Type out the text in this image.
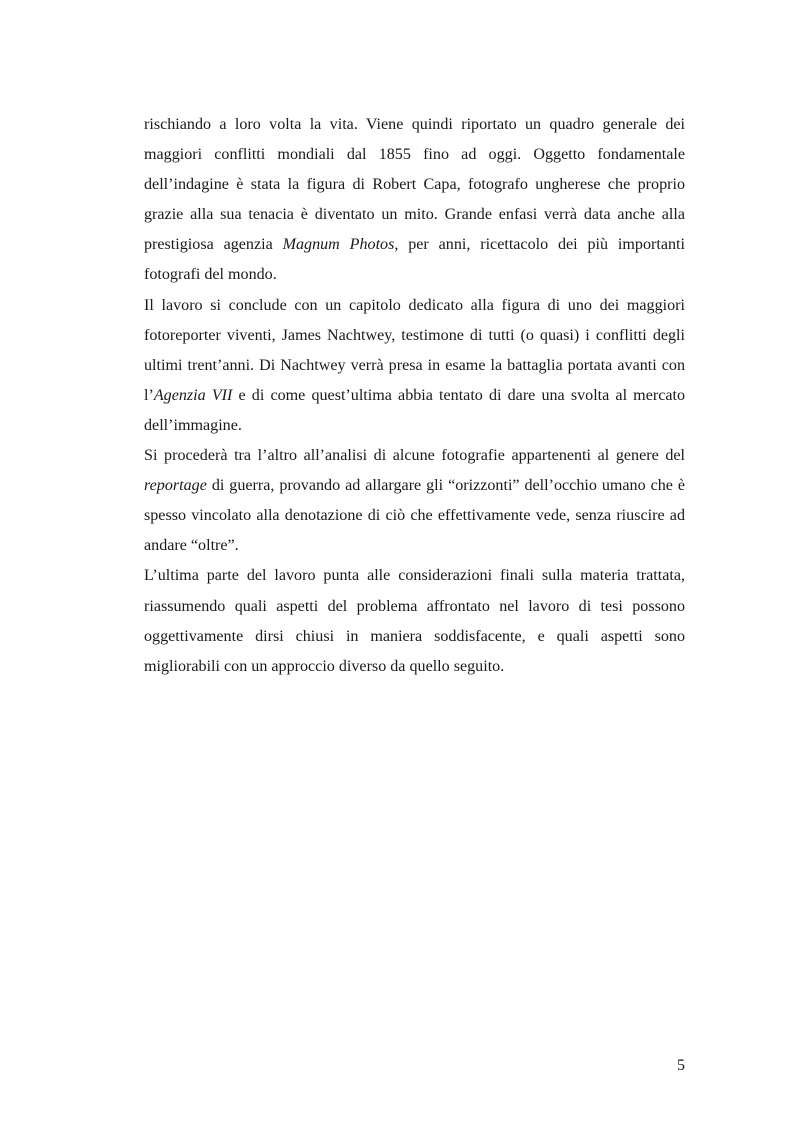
rischiando a loro volta la vita. Viene quindi riportato un quadro generale dei maggiori conflitti mondiali dal 1855 fino ad oggi. Oggetto fondamentale dell’indagine è stata la figura di Robert Capa, fotografo ungherese che proprio grazie alla sua tenacia è diventato un mito. Grande enfasi verrà data anche alla prestigiosa agenzia Magnum Photos, per anni, ricettacolo dei più importanti fotografi del mondo.

Il lavoro si conclude con un capitolo dedicato alla figura di uno dei maggiori fotoreporter viventi, James Nachtwey, testimone di tutti (o quasi) i conflitti degli ultimi trent’anni. Di Nachtwey verrà presa in esame la battaglia portata avanti con l’Agenzia VII e di come quest’ultima abbia tentato di dare una svolta al mercato dell’immagine.

Si procederà tra l’altro all’analisi di alcune fotografie appartenenti al genere del reportage di guerra, provando ad allargare gli “orizzonti” dell’occhio umano che è spesso vincolato alla denotazione di ciò che effettivamente vede, senza riuscire ad andare “oltre”.

L’ultima parte del lavoro punta alle considerazioni finali sulla materia trattata, riassumendo quali aspetti del problema affrontato nel lavoro di tesi possono oggettivamente dirsi chiusi in maniera soddisfacente, e quali aspetti sono migliorabili con un approccio diverso da quello seguito.

5
